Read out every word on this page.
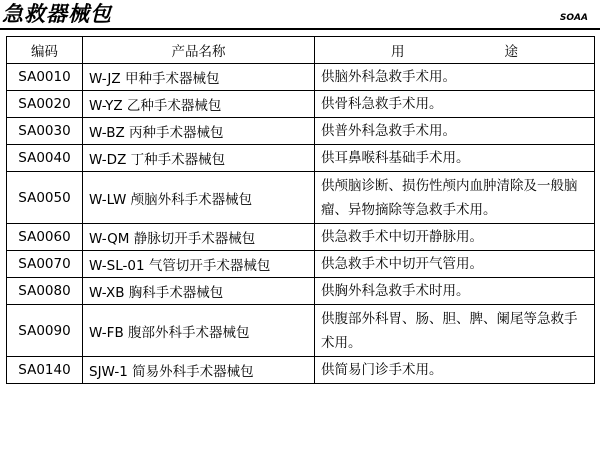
急救器械包	SOAA
编码	产品名称	用 途
SA0010	W-JZ 甲种手术器械包	供脑外科急救手术用。
SA0020	W-YZ 乙种手术器械包	供骨科急救手术用。
SA0030	W-BZ 丙种手术器械包	供普外科急救手术用。
SA0040	W-DZ 丁种手术器械包	供耳鼻喉科基础手术用。
SA0050	W-LW 颅脑外科手术器械包	供颅脑诊断、损伤性颅内血肿清除及一般脑瘤、异物摘除等急救手术用。
SA0060	W-QM 静脉切开手术器械包	供急救手术中切开静脉用。
SA0070	W-SL-01 气管切开手术器械包	供急救手术中切开气管用。
SA0080	W-XB 胸科手术器械包	供胸外科急救手术时用。
SA0090	W-FB 腹部外科手术器械包	供腹部外科胃、肠、胆、脾、阑尾等急救手术用。
SA0140	SJW-1 简易外科手术器械包	供简易门诊手术用。
